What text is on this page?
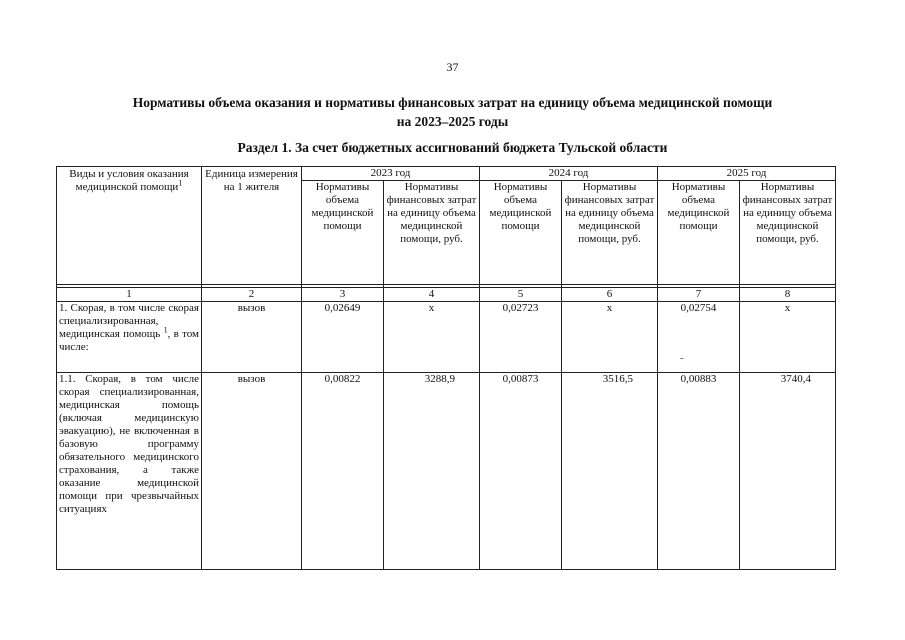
37
Нормативы объема оказания и нормативы финансовых затрат на единицу объема медицинской помощи
на 2023–2025 годы
Раздел 1. За счет бюджетных ассигнований бюджета Тульской области
Виды и условия оказания медицинской помощи$^1$	Единица измерения на 1 жителя	2023 год		2024 год		2025 год	
		Нормативы объема медицинской помощи	Нормативы финансовых затрат на единицу объема медицинской помощи, руб.	Нормативы объема медицинской помощи	Нормативы финансовых затрат на единицу объема медицинской помощи, руб.	Нормативы объема медицинской помощи	Нормативы финансовых затрат на единицу объема медицинской помощи, руб.

1	2	3	4	5	6	7	8
1. Скорая, в том числе скорая специализированная, медицинская помощь $^1$, в том числе:	вызов	0,02649	х	0,02723	х	0,02754	х
1.1. Скорая, в том числе скорая специализированная, медицинская помощь (включая медицинскую эвакуацию), не включенная в базовую программу обязательного медицинского страхования, а также оказание медицинской помощи при чрезвычайных ситуациях	вызов	0,00822	3288,9	0,00873	3516,5	0,00883	3740,4
‐
